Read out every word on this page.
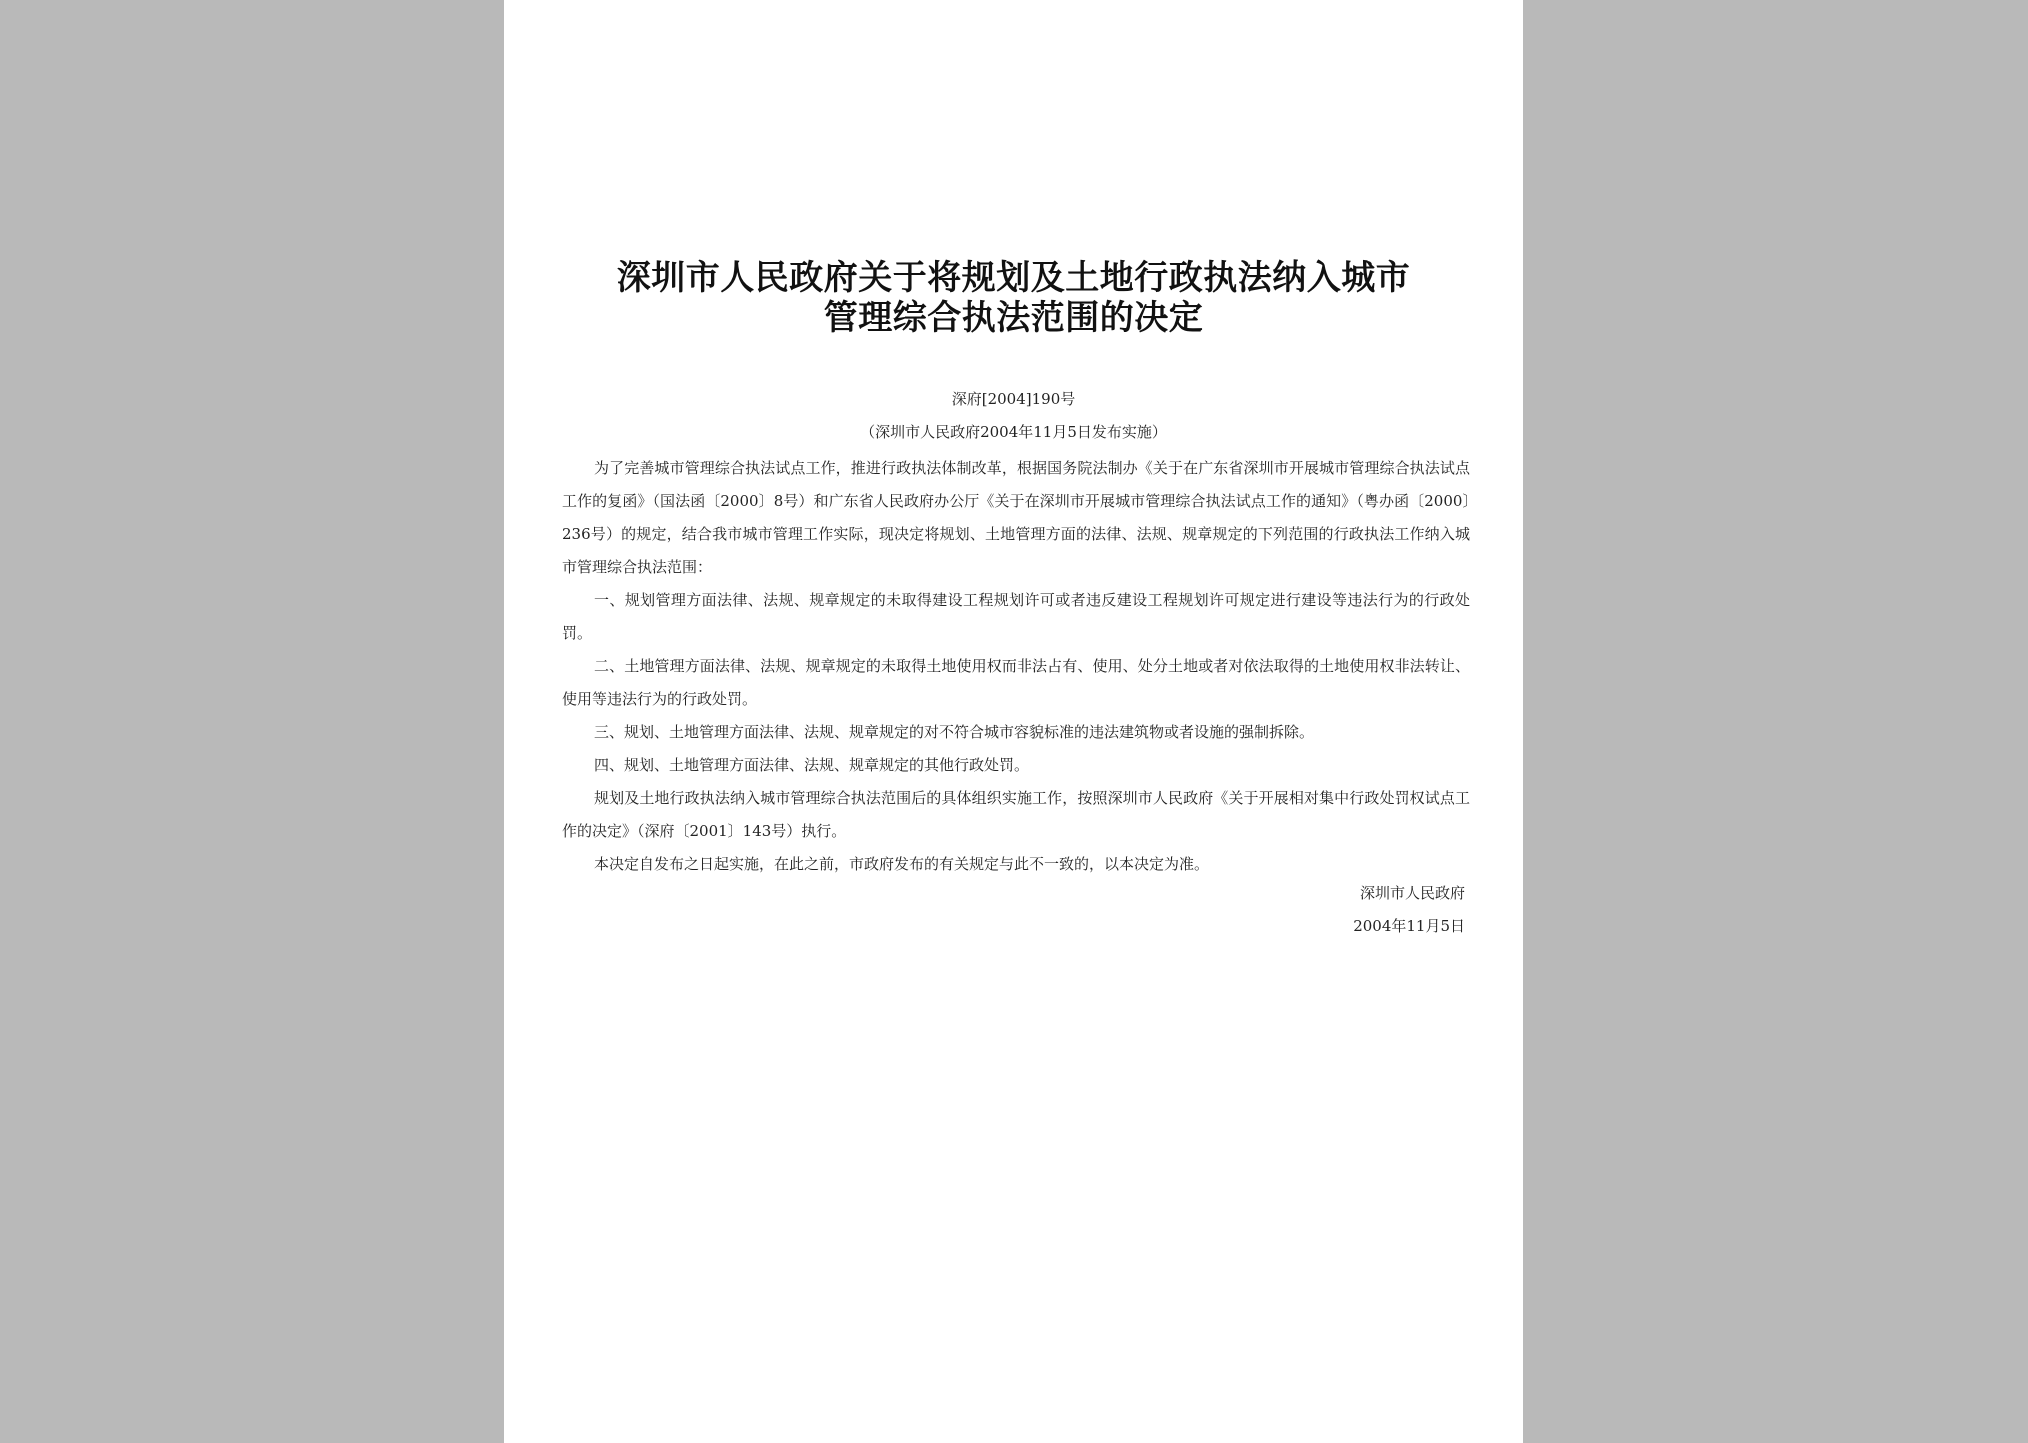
深圳市人民政府关于将规划及土地行政执法纳入城市
管理综合执法范围的决定
深府[2004]190号
（深圳市人民政府2004年11月5日发布实施）

为了完善城市管理综合执法试点工作，推进行政执法体制改革，根据国务院法制办《关于在广东省深圳市开展城市管理综合执法试点工作的复函》（国法函〔2000〕8号）和广东省人民政府办公厅《关于在深圳市开展城市管理综合执法试点工作的通知》（粤办函〔2000〕236号）的规定，结合我市城市管理工作实际，现决定将规划、土地管理方面的法律、法规、规章规定的下列范围的行政执法工作纳入城市管理综合执法范围：

一、规划管理方面法律、法规、规章规定的未取得建设工程规划许可或者违反建设工程规划许可规定进行建设等违法行为的行政处罚。

二、土地管理方面法律、法规、规章规定的未取得土地使用权而非法占有、使用、处分土地或者对依法取得的土地使用权非法转让、使用等违法行为的行政处罚。

三、规划、土地管理方面法律、法规、规章规定的对不符合城市容貌标准的违法建筑物或者设施的强制拆除。

四、规划、土地管理方面法律、法规、规章规定的其他行政处罚。

规划及土地行政执法纳入城市管理综合执法范围后的具体组织实施工作，按照深圳市人民政府《关于开展相对集中行政处罚权试点工作的决定》（深府〔2001〕143号）执行。

本决定自发布之日起实施，在此之前，市政府发布的有关规定与此不一致的，以本决定为准。

深圳市人民政府
2004年11月5日
